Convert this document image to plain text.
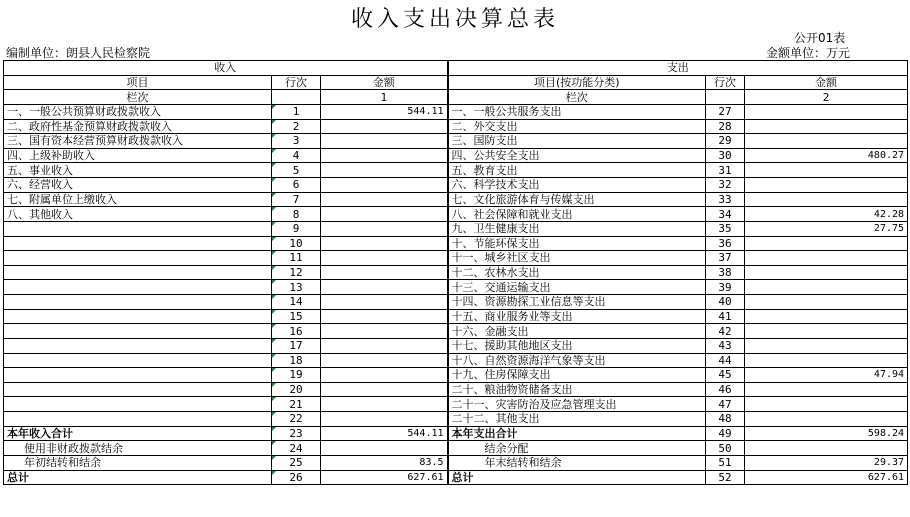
收入支出决算总表
公开01表
编制单位：朗县人民检察院	金额单位：万元
收入			支出		
项目	行次	金额	项目(按功能分类)	行次	金额
栏次		1	栏次		2
一、一般公共预算财政拨款收入	1	544.11	一、一般公共服务支出	27	
二、政府性基金预算财政拨款收入	2		二、外交支出	28	
三、国有资本经营预算财政拨款收入	3		三、国防支出	29	
四、上级补助收入	4		四、公共安全支出	30	480.27
五、事业收入	5		五、教育支出	31	
六、经营收入	6		六、科学技术支出	32	
七、附属单位上缴收入	7		七、文化旅游体育与传媒支出	33	
八、其他收入	8		八、社会保障和就业支出	34	42.28
	9		九、卫生健康支出	35	27.75
	10		十、节能环保支出	36	
	11		十一、城乡社区支出	37	
	12		十二、农林水支出	38	
	13		十三、交通运输支出	39	
	14		十四、资源勘探工业信息等支出	40	
	15		十五、商业服务业等支出	41	
	16		十六、金融支出	42	
	17		十七、援助其他地区支出	43	
	18		十八、自然资源海洋气象等支出	44	
	19		十九、住房保障支出	45	47.94
	20		二十、粮油物资储备支出	46	
	21		二十一、灾害防治及应急管理支出	47	
	22		二十二、其他支出	48	
本年收入合计	23	544.11	本年支出合计	49	598.24
使用非财政拨款结余	24		结余分配	50	
年初结转和结余	25	83.5	年末结转和结余	51	29.37
总计	26	627.61	总计	52	627.61
